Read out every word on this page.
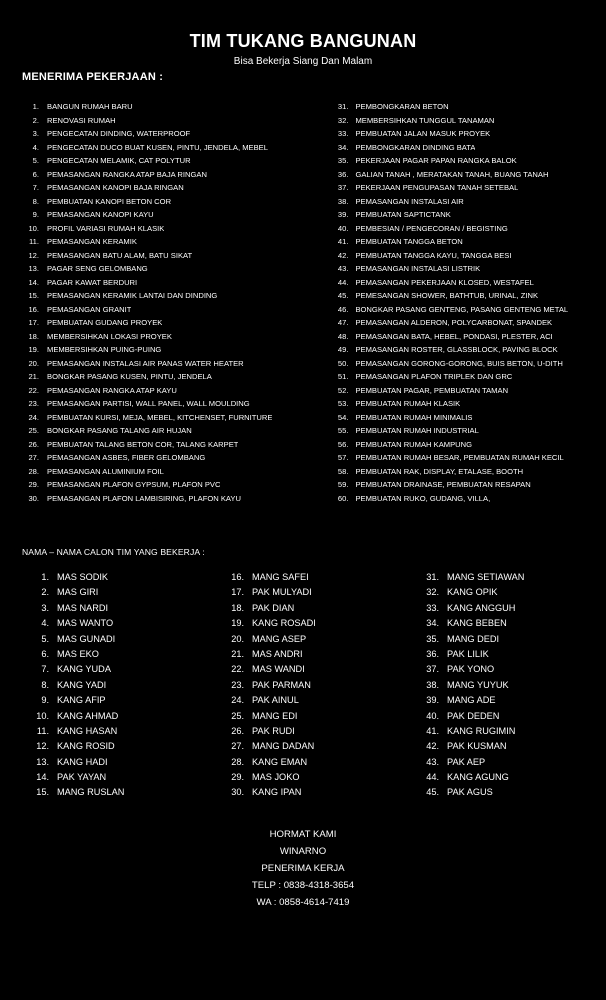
TIM TUKANG BANGUNAN
Bisa Bekerja Siang Dan Malam
MENERIMA PEKERJAAN :
1.	BANGUN RUMAH BARU
2.	RENOVASI RUMAH
3.	PENGECATAN DINDING, WATERPROOF
4.	PENGECATAN DUCO BUAT KUSEN, PINTU, JENDELA, MEBEL
5.	PENGECATAN MELAMIK, CAT POLYTUR
6.	PEMASANGAN RANGKA ATAP BAJA RINGAN
7.	PEMASANGAN KANOPI BAJA RINGAN
8.	PEMBUATAN KANOPI BETON COR
9.	PEMASANGAN KANOPI KAYU
10.	PROFIL VARIASI RUMAH KLASIK
11.	PEMASANGAN KERAMIK
12.	PEMASANGAN BATU ALAM, BATU SIKAT
13.	PAGAR SENG GELOMBANG
14.	PAGAR KAWAT BERDURI
15.	PEMASANGAN KERAMIK LANTAI DAN DINDING
16.	PEMASANGAN GRANIT
17.	PEMBUATAN GUDANG PROYEK
18.	MEMBERSIHKAN LOKASI PROYEK
19.	MEMBERSIHKAN PUING-PUING
20.	PEMASANGAN INSTALASI AIR PANAS WATER HEATER
21.	BONGKAR PASANG KUSEN, PINTU, JENDELA
22.	PEMASANGAN RANGKA ATAP KAYU
23.	PEMASANGAN PARTISI, WALL PANEL, WALL MOULDING
24.	PEMBUATAN KURSI, MEJA, MEBEL, KITCHENSET, FURNITURE
25.	BONGKAR PASANG TALANG AIR HUJAN
26.	PEMBUATAN TALANG BETON COR, TALANG KARPET
27.	PEMASANGAN ASBES, FIBER GELOMBANG
28.	PEMASANGAN ALUMINIUM FOIL
29.	PEMASANGAN PLAFON GYPSUM, PLAFON PVC
30.	PEMASANGAN PLAFON LAMBISIRING, PLAFON KAYU
31. PEMBONGKARAN BETON
32. MEMBERSIHKAN TUNGGUL TANAMAN
33. PEMBUATAN JALAN MASUK PROYEK
34. PEMBONGKARAN DINDING BATA
35. PEKERJAAN PAGAR PAPAN RANGKA BALOK
36. GALIAN TANAH , MERATAKAN TANAH, BUANG TANAH
37. PEKERJAAN PENGUPASAN TANAH SETEBAL
38. PEMASANGAN INSTALASI AIR
39. PEMBUATAN SAPTICTANK
40. PEMBESIAN / PENGECORAN / BEGISTING
41. PEMBUATAN TANGGA BETON
42. PEMBUATAN TANGGA KAYU, TANGGA BESI
43. PEMASANGAN INSTALASI LISTRIK
44. PEMASANGAN PEKERJAAN KLOSED, WESTAFEL
45. PEMESANGAN SHOWER, BATHTUB, URINAL, ZINK
46. BONGKAR PASANG GENTENG, PASANG GENTENG METAL
47. PEMASANGAN ALDERON, POLYCARBONAT, SPANDEK
48. PEMASANGAN BATA, HEBEL, PONDASI, PLESTER, ACI
49. PEMASANGAN ROSTER, GLASSBLOCK, PAVING BLOCK
50. PEMASANGAN GORONG-GORONG, BUIS BETON, U-DITH
51. PEMASANGAN PLAFON TRIPLEK DAN GRC
52. PEMBUATAN PAGAR, PEMBUATAN TAMAN
53. PEMBUATAN RUMAH KLASIK
54. PEMBUATAN RUMAH MINIMALIS
55. PEMBUATAN RUMAH INDUSTRIAL
56. PEMBUATAN RUMAH KAMPUNG
57. PEMBUATAN RUMAH BESAR, PEMBUATAN RUMAH KECIL
58. PEMBUATAN RAK, DISPLAY, ETALASE, BOOTH
59. PEMBUATAN DRAINASE, PEMBUATAN RESAPAN
60. PEMBUATAN RUKO, GUDANG, VILLA,
NAMA – NAMA CALON TIM YANG BEKERJA :
1. MAS SODIK
2. MAS GIRI
3. MAS NARDI
4. MAS WANTO
5. MAS GUNADI
6. MAS EKO
7. KANG YUDA
8. KANG YADI
9. KANG AFIP
10. KANG AHMAD
11. KANG HASAN
12. KANG ROSID
13. KANG HADI
14. PAK YAYAN
15. MANG RUSLAN
16. MANG SAFEI
17. PAK MULYADI
18. PAK DIAN
19. KANG ROSADI
20. MANG ASEP
21. MAS ANDRI
22. MAS WANDI
23. PAK PARMAN
24. PAK AINUL
25. MANG EDI
26. PAK RUDI
27. MANG DADAN
28. KANG EMAN
29. MAS JOKO
30. KANG IPAN
31. MANG SETIAWAN
32. KANG OPIK
33. KANG ANGGUH
34. KANG BEBEN
35. MANG DEDI
36. PAK LILIK
37. PAK YONO
38. MANG YUYUK
39. MANG ADE
40. PAK DEDEN
41. KANG RUGIMIN
42. PAK KUSMAN
43. PAK AEP
44. KANG AGUNG
45. PAK AGUS
HORMAT KAMI
WINARNO
PENERIMA KERJA
TELP : 0838-4318-3654
WA : 0858-4614-7419
